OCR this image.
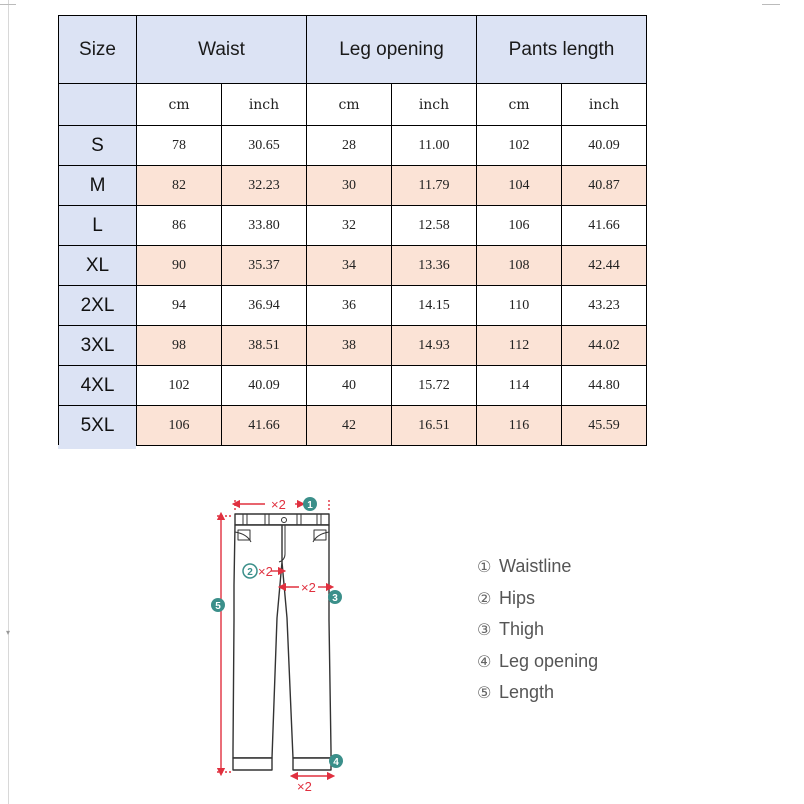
▾
Size	Waist		Leg opening		Pants length	
	cm	inch	cm	inch	cm	inch
S	78	30.65	28	11.00	102	40.09
M	82	32.23	30	11.79	104	40.87
L	86	33.80	32	12.58	106	41.66
XL	90	35.37	34	13.36	108	42.44
2XL	94	36.94	36	14.15	110	43.23
3XL	98	38.51	38	14.93	112	44.02
4XL	102	40.09	40	15.72	114	44.80
5XL	106	41.66	42	16.51	116	45.59
×2
×2
×2
×2
1
2
3
4
5
① Waistline
② Hips
③ Thigh
④ Leg opening
⑤ Length
